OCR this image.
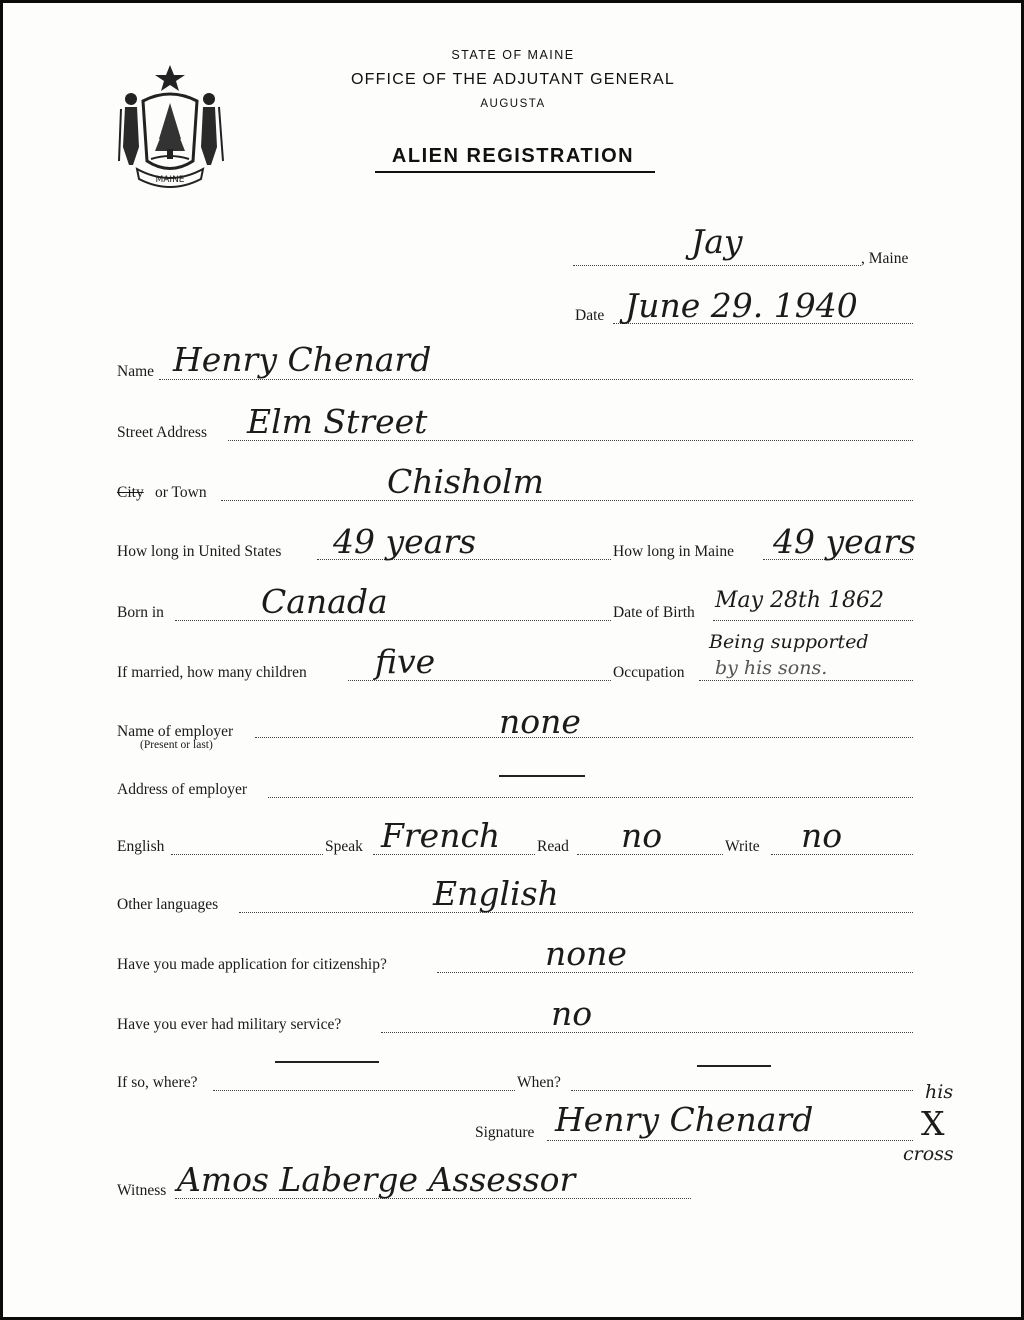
MAINE
STATE OF MAINE
OFFICE OF THE ADJUTANT GENERAL
AUGUSTA
ALIEN REGISTRATION
Jay	, Maine
Date June 29. 1940
Name Henry Chenard
Street Address Elm Street
City or Town	Chisholm
How long in United States 49 years	How long in Maine 49 years
Born in	Canada	Date of Birth May 28th 1862
If married, how many children five	Occupation
Being supported
by his sons.
Name of employer
(Present or last)
none
Address of employer
English	Speak French Read no	Write no
Other languages	English
Have you made application for citizenship?	none
Have you ever had military service?	no
If so, where?	When?
Signature Henry Chenard
his
X
cross
Witness Amos Laberge Assessor
